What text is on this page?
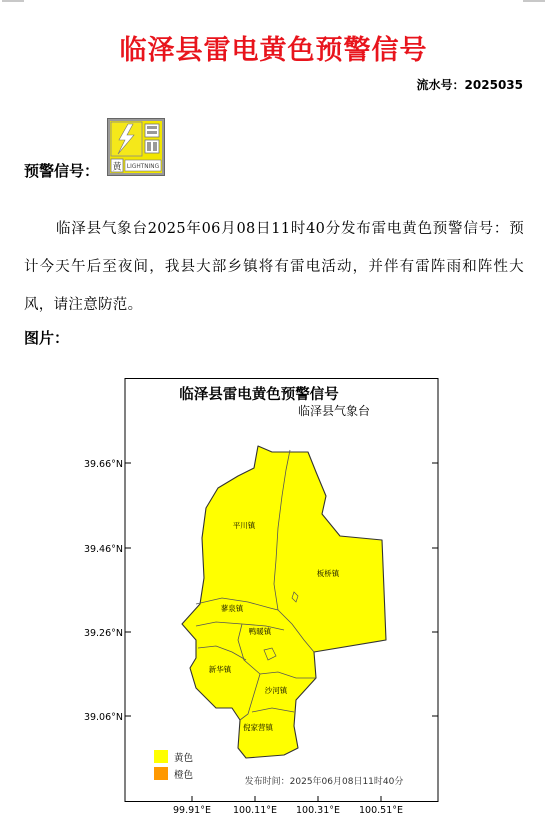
临泽县雷电黄色预警信号
流水号：2025035
预警信号： 黄 LIGHTNING
临泽县气象台2025年06月08日11时40分发布雷电黄色预警信号：预计今天午后至夜间，我县大部乡镇将有雷电活动，并伴有雷阵雨和阵性大风，请注意防范。
图片：
临泽县雷电黄色预警信号
临泽县气象台
39.66°N
39.46°N
39.26°N
39.06°N
99.91°E 100.11°E 100.31°E 100.51°E
平川镇
板桥镇
蓼泉镇
鸭暖镇
新华镇
沙河镇
倪家营镇
黄色
橙色
发布时间：2025年06月08日11时40分
